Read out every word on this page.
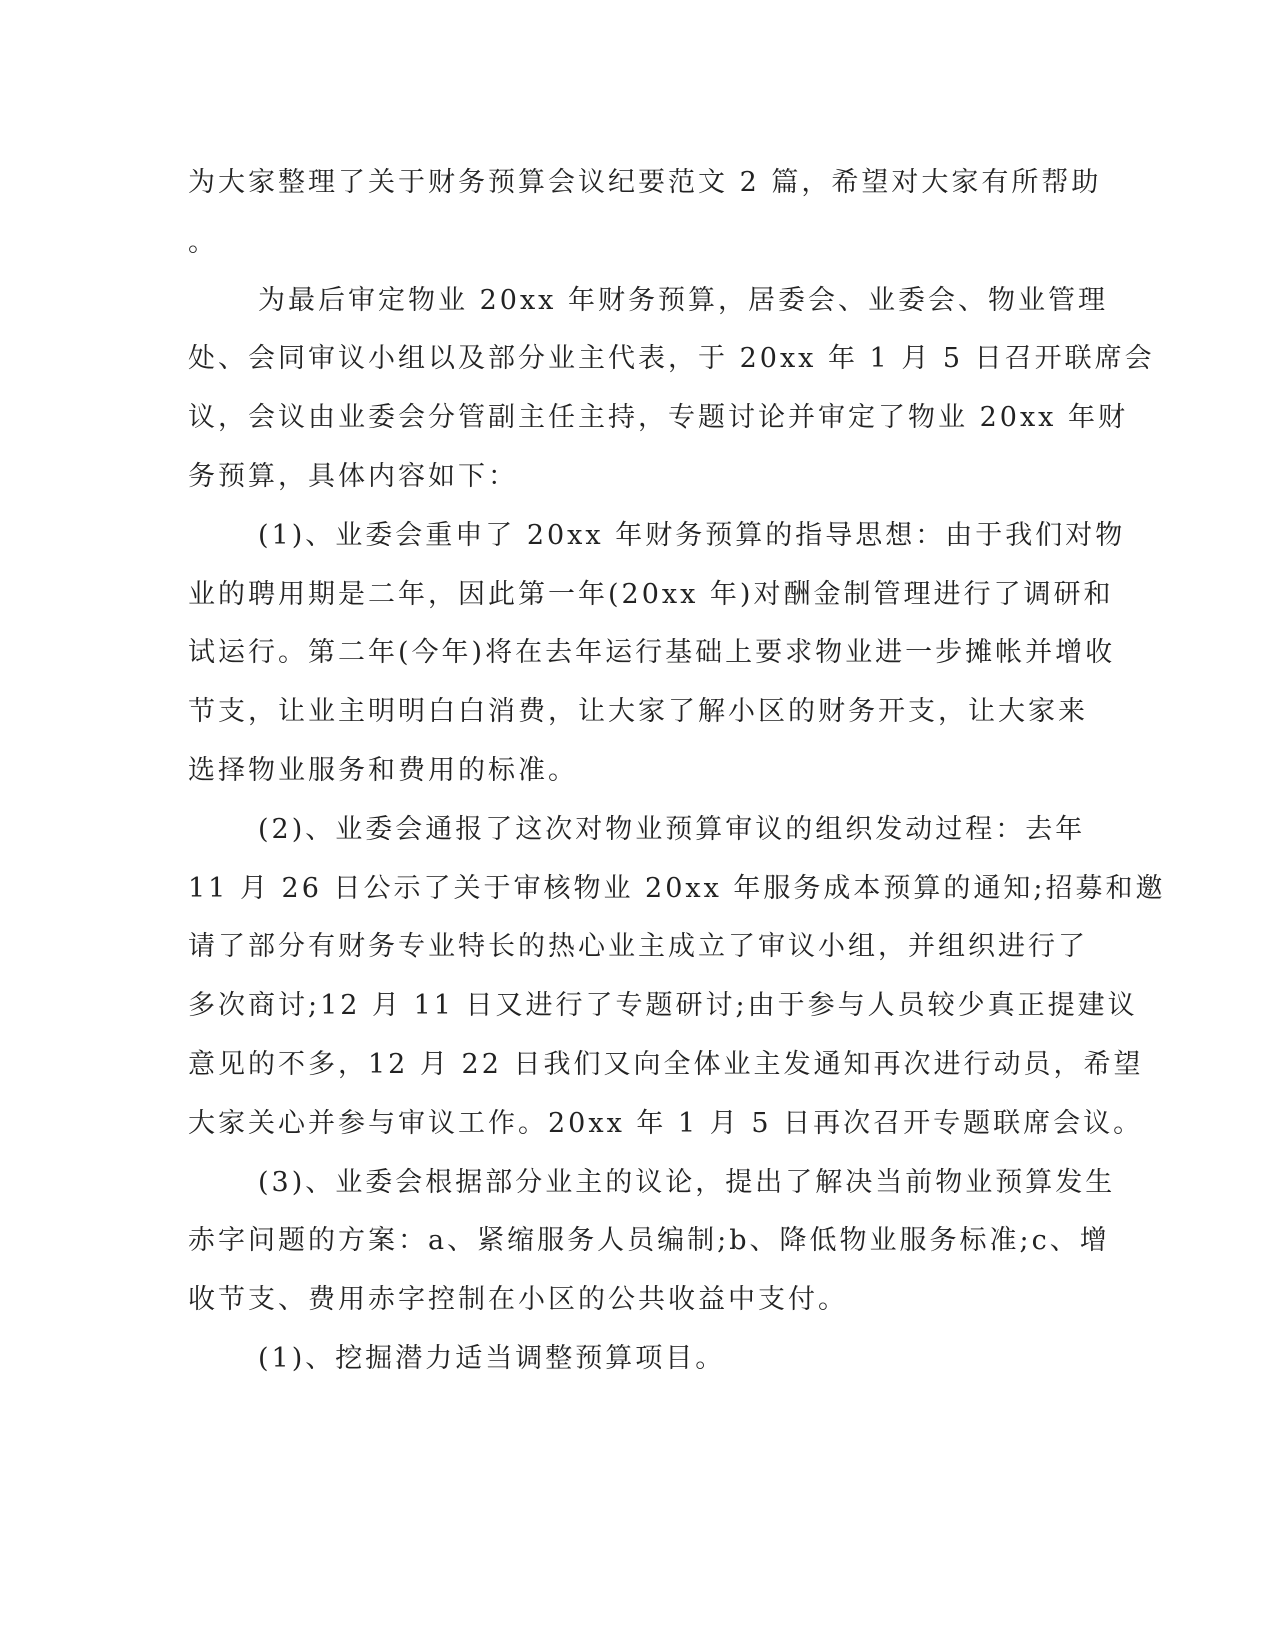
为大家整理了关于财务预算会议纪要范文 2 篇，希望对大家有所帮助

。

为最后审定物业 20xx 年财务预算，居委会、业委会、物业管理

处、会同审议小组以及部分业主代表，于 20xx 年 1 月 5 日召开联席会

议，会议由业委会分管副主任主持，专题讨论并审定了物业 20xx 年财

务预算，具体内容如下：

(1)、业委会重申了 20xx 年财务预算的指导思想：由于我们对物

业的聘用期是二年，因此第一年(20xx 年)对酬金制管理进行了调研和

试运行。第二年(今年)将在去年运行基础上要求物业进一步摊帐并增收

节支，让业主明明白白消费，让大家了解小区的财务开支，让大家来

选择物业服务和费用的标准。

(2)、业委会通报了这次对物业预算审议的组织发动过程：去年

11 月 26 日公示了关于审核物业 20xx 年服务成本预算的通知;招募和邀

请了部分有财务专业特长的热心业主成立了审议小组，并组织进行了

多次商讨;12 月 11 日又进行了专题研讨;由于参与人员较少真正提建议

意见的不多，12 月 22 日我们又向全体业主发通知再次进行动员，希望

大家关心并参与审议工作。20xx 年 1 月 5 日再次召开专题联席会议。

(3)、业委会根据部分业主的议论，提出了解决当前物业预算发生

赤字问题的方案：a、紧缩服务人员编制;b、降低物业服务标准;c、增

收节支、费用赤字控制在小区的公共收益中支付。

(1)、挖掘潜力适当调整预算项目。
